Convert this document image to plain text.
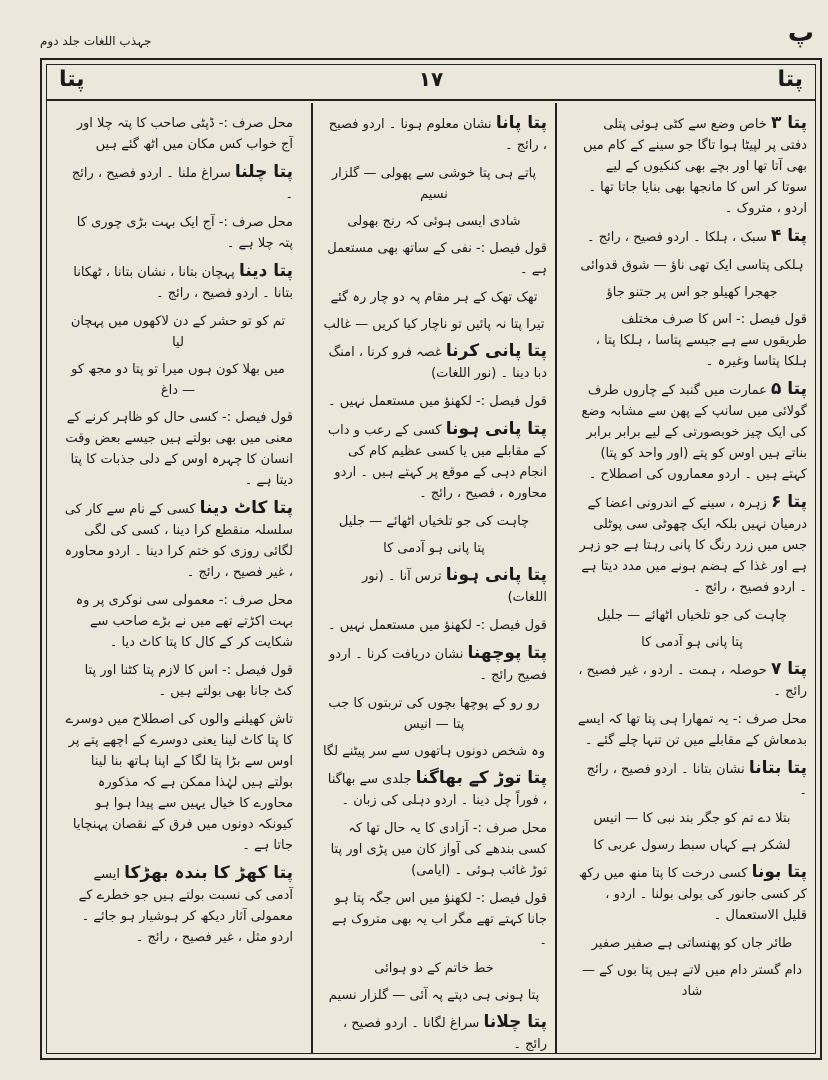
جہذب اللغات جلد دوم	پ
پتا	١٧	پتا

پتا ۳ خاص وضع سے کٹی ہوئی پتلی دفتی پر لپیٹا ہوا تاگا جو سینے کے کام میں بھی آتا تھا اور بچے بھی کنکیوں کے لیے سوتا کر اس کا مانجھا بھی بنایا جاتا تھا ۔ اردو ، متروک ۔

پتا ۴ سبک ، ہلکا ۔ اردو فصیح ، رائج ۔

ہلکی پتاسی ایک تھی ناؤ — شوق قدوائی
جھجرا کھیلو جو اس پر جتنو جاؤ

قول فیصل :- اس کا صرف مختلف طریقوں سے ہے جیسے پتاسا ، ہلکا پتا ، ہلکا پتاسا وغیرہ ۔

پتا ۵ عمارت میں گنبد کے چاروں طرف گولائی میں سانپ کے پھن سے مشابہ وضع کی ایک چیز خوبصورتی کے لیے برابر برابر بناتے ہیں اوس کو پتے (اور واحد کو پتا) کہتے ہیں ۔ اردو معماروں کی اصطلاح ۔

پتا ۶ زہرہ ، سینے کے اندرونی اعضا کے درمیان نہیں بلکہ ایک چھوٹی سی پوٹلی جس میں زرد رنگ کا پانی رہتا ہے جو زہر ہے اور غذا کے ہضم ہونے میں مدد دیتا ہے ۔ اردو فصیح ، رائج ۔

چاہت کی جو تلخیاں اٹھائے — جلیل
پتا پانی ہو آدمی کا

پتا ۷ حوصلہ ، ہمت ۔ اردو ، غیر فصیح ، رائج ۔

محل صرف :- یہ تمھارا ہی پتا تھا کہ ایسے بدمعاش کے مقابلے میں تن تنہا چلے گئے ۔

پتا بتانا نشان بتانا ۔ اردو فصیح ، رائج ۔

بتلا دے تم کو جگر بند نبی کا — انیس
لشکر ہے کہاں سبط رسول عربی کا

پتا بونا کسی درخت کا پتا منھ میں رکھ کر کسی جانور کی بولی بولنا ۔ اردو ، قلیل الاستعمال ۔

طائر جاں کو پھنساتی ہے صفیر صفیر
دام گستر دام میں لاتے ہیں پتا بوں کے — شاد

پتا پانا نشان معلوم ہونا ۔ اردو فصیح ، رائج ۔

پاتے ہی پتا خوشی سے پھولی — گلزار نسیم
شادی ایسی ہوئی کہ رنج بھولی

قول فیصل :- نفی کے ساتھ بھی مستعمل ہے ۔

تھک تھک کے ہر مقام پہ دو چار رہ گئے
تیرا پتا نہ پائیں تو ناچار کیا کریں — غالب

پتا پانی کرنا غصہ فرو کرنا ، امنگ دبا دینا ۔ (نور اللغات)

قول فیصل :- لکھنؤ میں مستعمل نہیں ۔

پتا پانی ہونا کسی کے رعب و داب کے مقابلے میں یا کسی عظیم کام کی انجام دہی کے موقع پر کہتے ہیں ۔ اردو محاورہ ، فصیح ، رائج ۔

چاہت کی جو تلخیاں اٹھائے — جلیل
پتا پانی ہو آدمی کا

پتا پانی ہونا ترس آنا ۔ (نور اللغات)

قول فیصل :- لکھنؤ میں مستعمل نہیں ۔

پتا پوچھنا نشان دریافت کرنا ۔ اردو فصیح رائج ۔

رو رو کے پوچھا بچوں کی تربتوں کا جب پتا — انیس
وہ شخص دونوں ہاتھوں سے سر پیٹنے لگا

پتا توڑ کے بھاگنا جلدی سے بھاگنا ، فوراً چل دینا ۔ اردو دہلی کی زبان ۔

محل صرف :- آزادی کا یہ حال تھا کہ کسی بندھے کی آواز کان میں پڑی اور پتا توڑ غائب ہوئی ۔ (ایامی)

قول فیصل :- لکھنؤ میں اس جگہ پتا ہو جانا کہتے تھے مگر اب یہ بھی متروک ہے ۔

خط خاتم کے دو ہوائی
پتا ہونی ہی دپتے پہ آئی — گلزار نسیم

پتا چلانا سراغ لگانا ۔ اردو فصیح ، رائج ۔

محل صرف :- ڈپٹی صاحب کا پتہ چلا اور آج خواب کس مکان میں اٹھ گئے ہیں

پتا چلنا سراغ ملنا ۔ اردو فصیح ، رائج ۔

محل صرف :- آج ایک بہت بڑی چوری کا پتہ چلا ہے ۔

پتا دینا پہچان بتانا ، نشان بتانا ، ٹھکانا بتانا ۔ اردو فصیح ، رائج ۔

تم کو تو حشر کے دن لاکھوں میں پہچان لیا
میں بھلا کون ہوں میرا تو پتا دو مجھ کو — داغ

قول فیصل :- کسی حال کو ظاہر کرنے کے معنی میں بھی بولتے ہیں جیسے بعض وقت انسان کا چہرہ اوس کے دلی جذبات کا پتا دیتا ہے ۔

پتا کاٹ دینا کسی کے نام سے کار کی سلسلہ منقطع کرا دینا ، کسی کی لگی لگائی روزی کو ختم کرا دینا ۔ اردو محاورہ ، غیر فصیح ، رائج ۔

محل صرف :- معمولی سی نوکری پر وہ بہت اکڑتے تھے میں نے بڑے صاحب سے شکایت کر کے کال کا پتا کاٹ دیا ۔

قول فیصل :- اس کا لازم پتا کٹنا اور پتا کٹ جانا بھی بولتے ہیں ۔

تاش کھیلنے والوں کی اصطلاح میں دوسرے کا پتا کاٹ لینا یعنی دوسرے کے اچھے پتے پر اوس سے بڑا پتا لگا کے اپنا ہاتھ بنا لینا بولتے ہیں لہٰذا ممکن ہے کہ مذکورہ محاورے کا خیال یہیں سے پیدا ہوا ہو کیونکہ دونوں میں فرق کے نقصان پہنچایا جاتا ہے ۔

پتا کھڑ کا بندہ بھڑکا ایسے آدمی کی نسبت بولتے ہیں جو خطرے کے معمولی آثار دیکھ کر ہوشیار ہو جائے ۔ اردو مثل ، غیر فصیح ، رائج ۔
